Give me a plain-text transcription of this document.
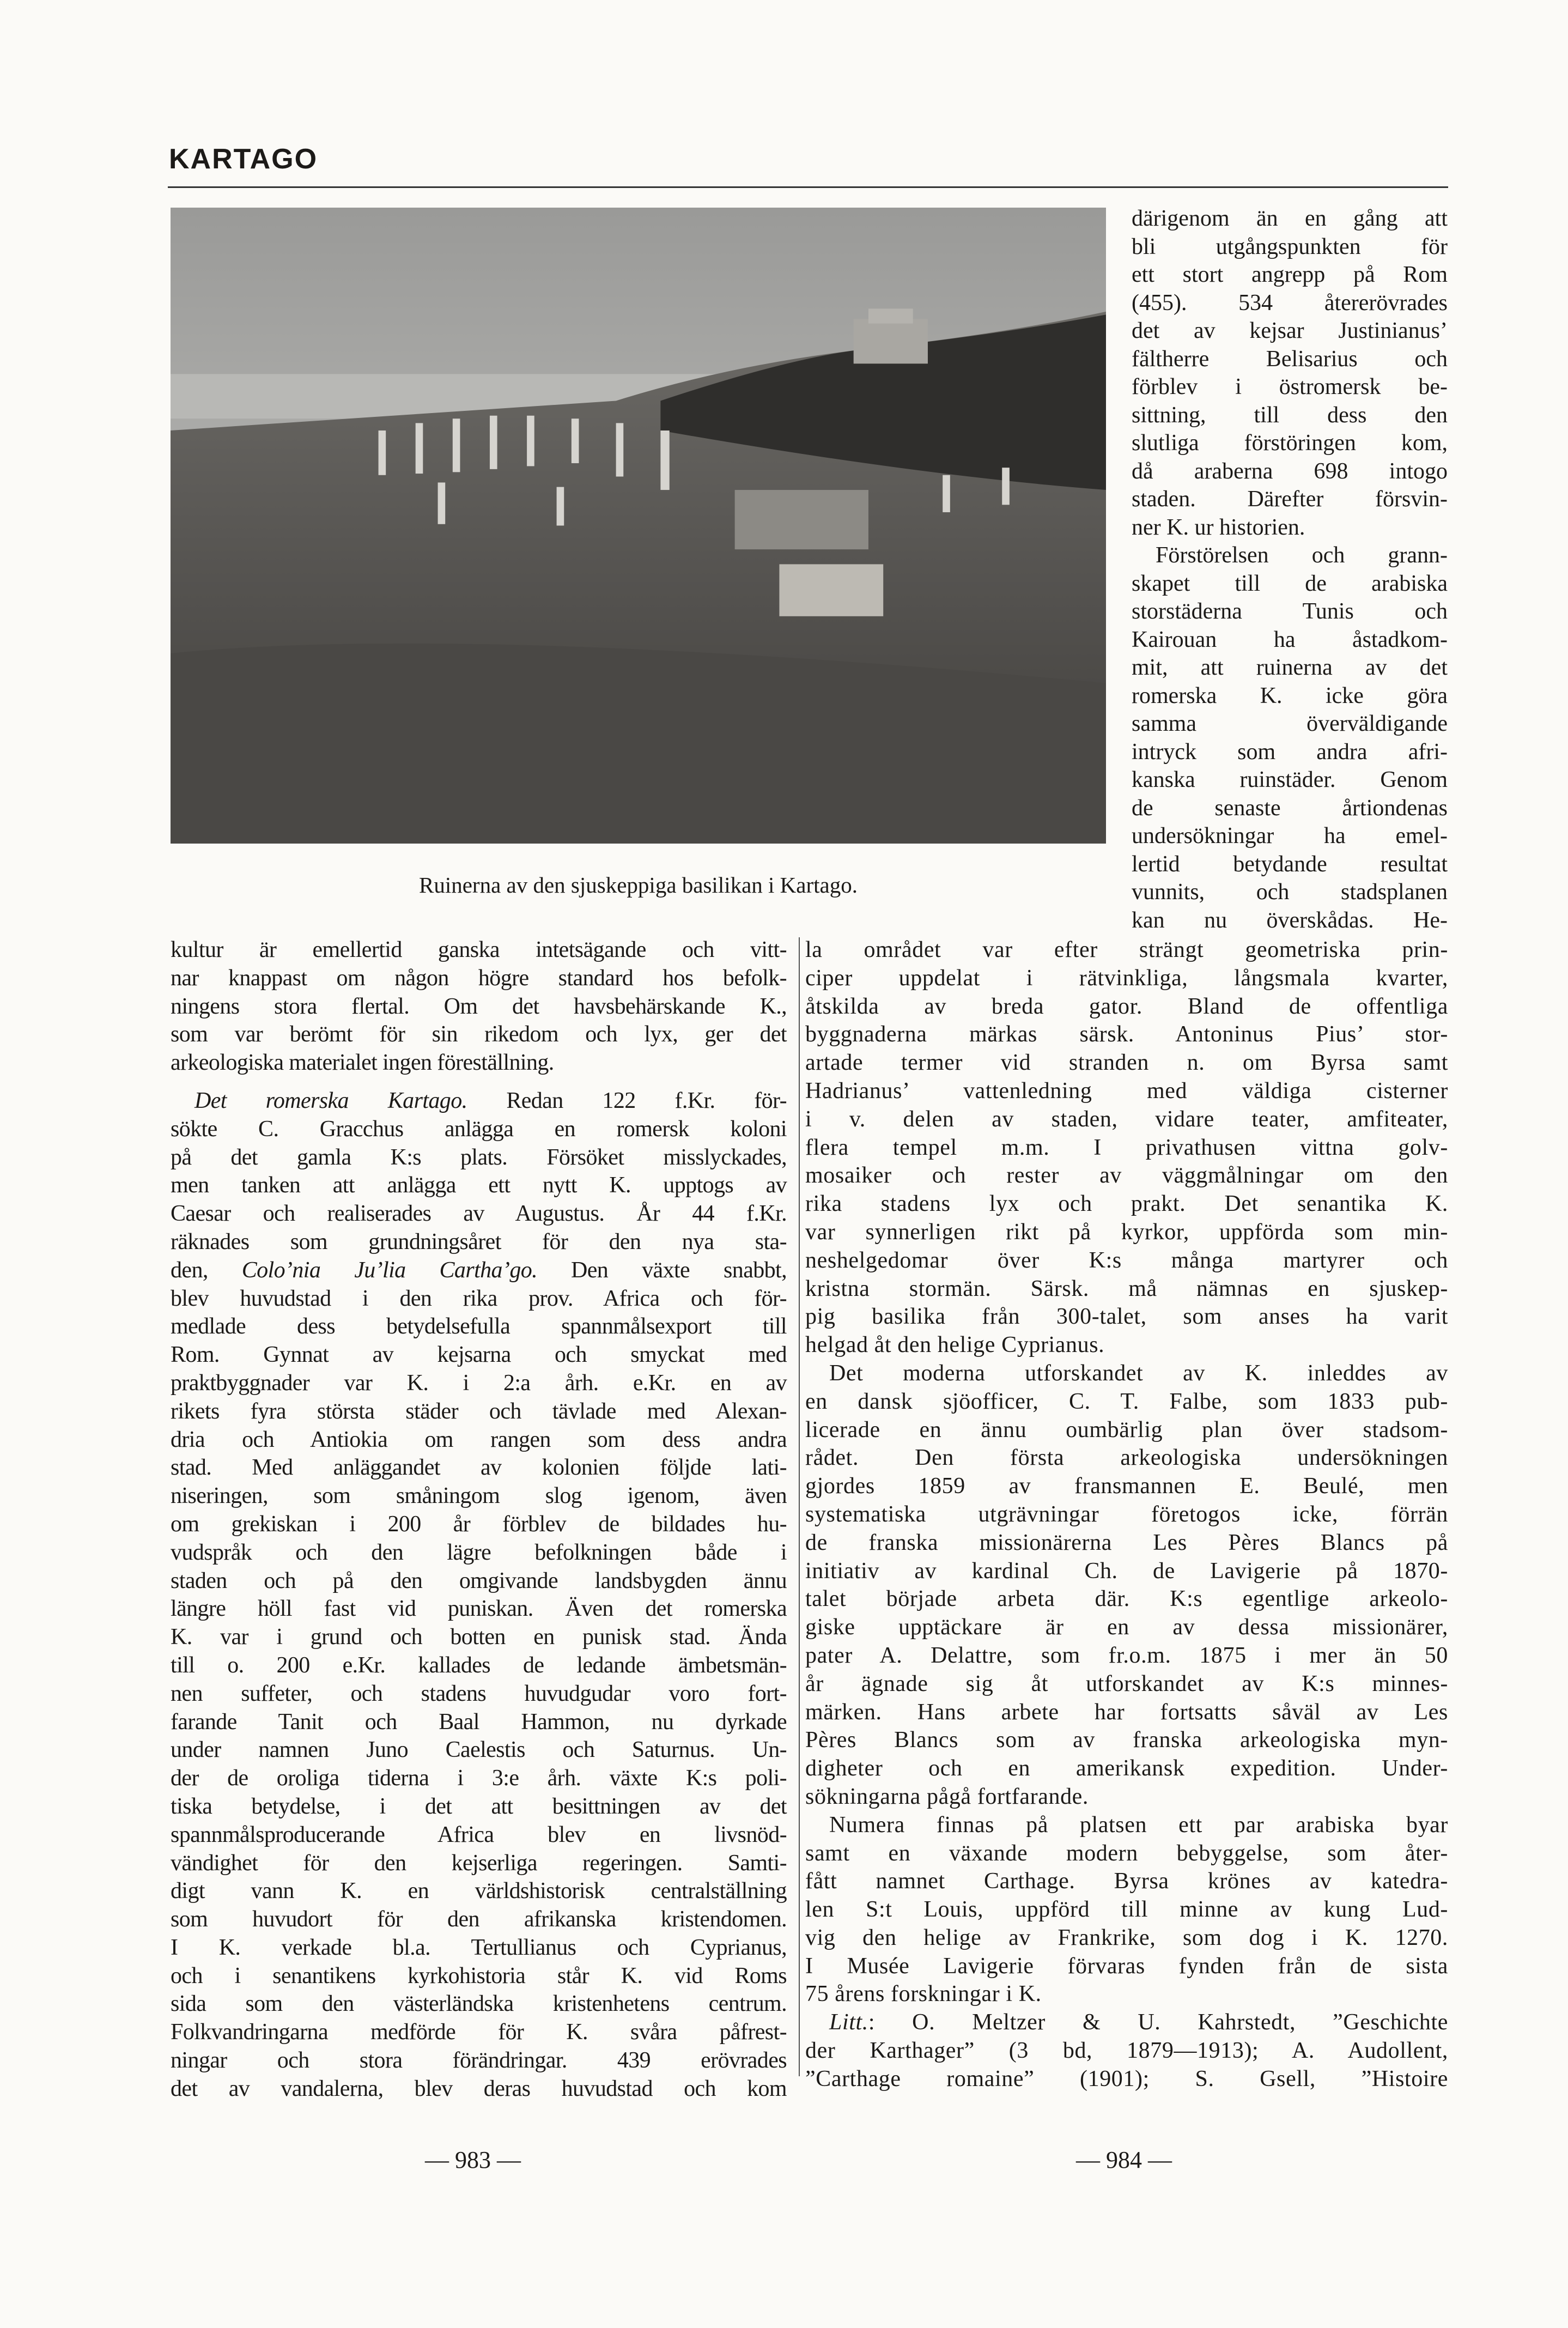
KARTAGO
Ruinerna av den sjuskeppiga basilikan i Kartago.
därigenom än en gång att
bli utgångspunkten för
ett stort angrepp på Rom
(455). 534 återerövrades
det av kejsar Justinianus’
fältherre Belisarius och
förblev i östromersk be-
sittning, till dess den
slutliga förstöringen kom,
då araberna 698 intogo
staden. Därefter försvin-
ner K. ur historien.
Förstörelsen och grann-
skapet till de arabiska
storstäderna Tunis och
Kairouan ha åstadkom-
mit, att ruinerna av det
romerska K. icke göra
samma överväldigande
intryck som andra afri-
kanska ruinstäder. Genom
de senaste årtiondenas
undersökningar ha emel-
lertid betydande resultat
vunnits, och stadsplanen
kan nu överskådas. He-
kultur är emellertid ganska intetsägande och vitt-
nar knappast om någon högre standard hos befolk-
ningens stora flertal. Om det havsbehärskande K.,
som var berömt för sin rikedom och lyx, ger det
arkeologiska materialet ingen föreställning.
Det romerska Kartago. Redan 122 f.Kr. för-
sökte C. Gracchus anlägga en romersk koloni
på det gamla K:s plats. Försöket misslyckades,
men tanken att anlägga ett nytt K. upptogs av
Caesar och realiserades av Augustus. År 44 f.Kr.
räknades som grundningsåret för den nya sta-
den, Colo’nia Ju’lia Cartha’go. Den växte snabbt,
blev huvudstad i den rika prov. Africa och för-
medlade dess betydelsefulla spannmålsexport till
Rom. Gynnat av kejsarna och smyckat med
praktbyggnader var K. i 2:a årh. e.Kr. en av
rikets fyra största städer och tävlade med Alexan-
dria och Antiokia om rangen som dess andra
stad. Med anläggandet av kolonien följde lati-
niseringen, som småningom slog igenom, även
om grekiskan i 200 år förblev de bildades hu-
vudspråk och den lägre befolkningen både i
staden och på den omgivande landsbygden ännu
längre höll fast vid puniskan. Även det romerska
K. var i grund och botten en punisk stad. Ända
till o. 200 e.Kr. kallades de ledande ämbetsmän-
nen suffeter, och stadens huvudgudar voro fort-
farande Tanit och Baal Hammon, nu dyrkade
under namnen Juno Caelestis och Saturnus. Un-
der de oroliga tiderna i 3:e årh. växte K:s poli-
tiska betydelse, i det att besittningen av det
spannmålsproducerande Africa blev en livsnöd-
vändighet för den kejserliga regeringen. Samti-
digt vann K. en världshistorisk centralställning
som huvudort för den afrikanska kristendomen.
I K. verkade bl.a. Tertullianus och Cyprianus,
och i senantikens kyrkohistoria står K. vid Roms
sida som den västerländska kristenhetens centrum.
Folkvandringarna medförde för K. svåra påfrest-
ningar och stora förändringar. 439 erövrades
det av vandalerna, blev deras huvudstad och kom
la området var efter strängt geometriska prin-
ciper uppdelat i rätvinkliga, långsmala kvarter,
åtskilda av breda gator. Bland de offentliga
byggnaderna märkas särsk. Antoninus Pius’ stor-
artade termer vid stranden n. om Byrsa samt
Hadrianus’ vattenledning med väldiga cisterner
i v. delen av staden, vidare teater, amfiteater,
flera tempel m.m. I privathusen vittna golv-
mosaiker och rester av väggmålningar om den
rika stadens lyx och prakt. Det senantika K.
var synnerligen rikt på kyrkor, uppförda som min-
neshelgedomar över K:s många martyrer och
kristna stormän. Särsk. må nämnas en sjuskep-
pig basilika från 300-talet, som anses ha varit
helgad åt den helige Cyprianus.
Det moderna utforskandet av K. inleddes av
en dansk sjöofficer, C. T. Falbe, som 1833 pub-
licerade en ännu oumbärlig plan över stadsom-
rådet. Den första arkeologiska undersökningen
gjordes 1859 av fransmannen E. Beulé, men
systematiska utgrävningar företogos icke, förrän
de franska missionärerna Les Pères Blancs på
initiativ av kardinal Ch. de Lavigerie på 1870-
talet började arbeta där. K:s egentlige arkeolo-
giske upptäckare är en av dessa missionärer,
pater A. Delattre, som fr.o.m. 1875 i mer än 50
år ägnade sig åt utforskandet av K:s minnes-
märken. Hans arbete har fortsatts såväl av Les
Pères Blancs som av franska arkeologiska myn-
digheter och en amerikansk expedition. Under-
sökningarna pågå fortfarande.
Numera finnas på platsen ett par arabiska byar
samt en växande modern bebyggelse, som åter-
fått namnet Carthage. Byrsa krönes av katedra-
len S:t Louis, uppförd till minne av kung Lud-
vig den helige av Frankrike, som dog i K. 1270.
I Musée Lavigerie förvaras fynden från de sista
75 årens forskningar i K.
Litt.: O. Meltzer & U. Kahrstedt, ”Geschichte
der Karthager” (3 bd, 1879—1913); A. Audollent,
”Carthage romaine” (1901); S. Gsell, ”Histoire
— 983 —	— 984 —
